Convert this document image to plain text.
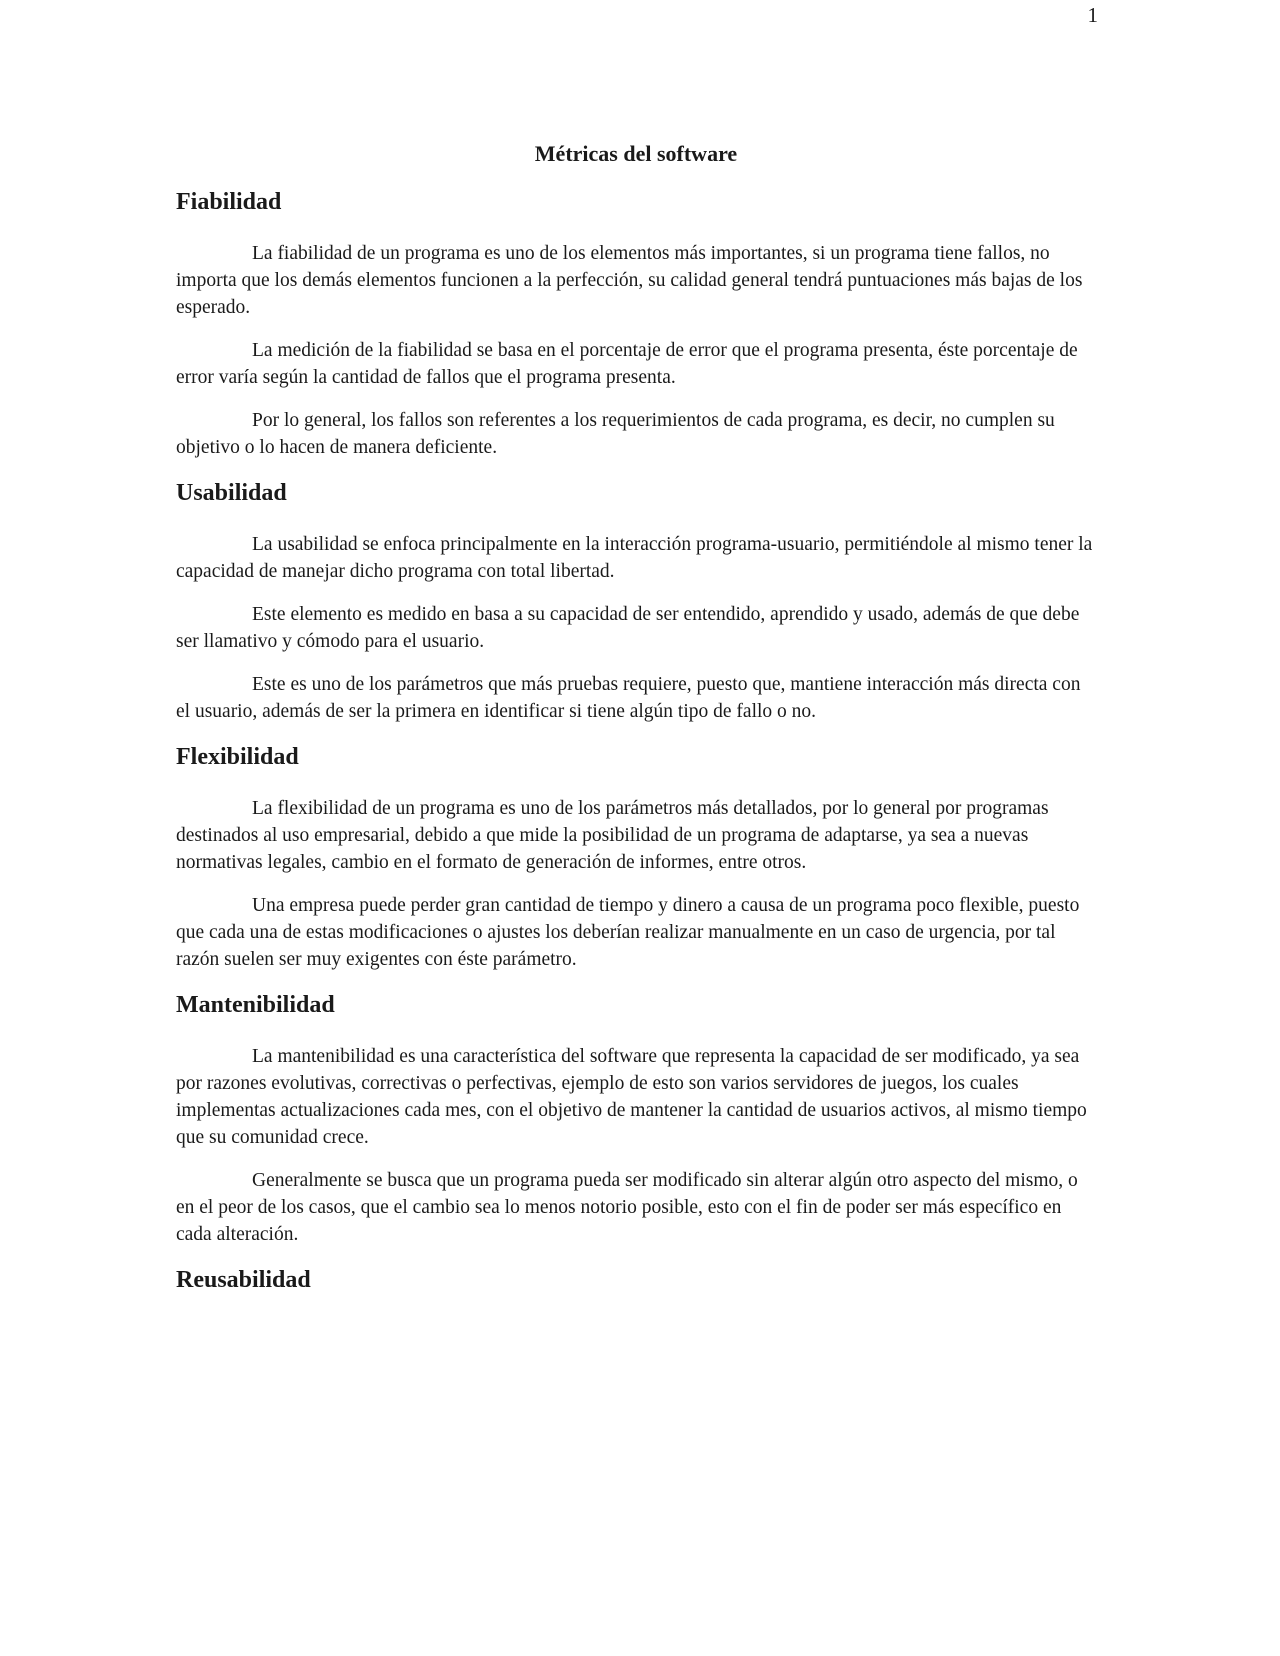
1
Métricas del software
Fiabilidad

La fiabilidad de un programa es uno de los elementos más importantes, si un programa tiene fallos, no importa que los demás elementos funcionen a la perfección, su calidad general tendrá puntuaciones más bajas de los esperado.

La medición de la fiabilidad se basa en el porcentaje de error que el programa presenta, éste porcentaje de error varía según la cantidad de fallos que el programa presenta.

Por lo general, los fallos son referentes a los requerimientos de cada programa, es decir, no cumplen su objetivo o lo hacen de manera deficiente.

Usabilidad

La usabilidad se enfoca principalmente en la interacción programa-usuario, permitiéndole al mismo tener la capacidad de manejar dicho programa con total libertad.

Este elemento es medido en basa a su capacidad de ser entendido, aprendido y usado, además de que debe ser llamativo y cómodo para el usuario.

Este es uno de los parámetros que más pruebas requiere, puesto que, mantiene interacción más directa con el usuario, además de ser la primera en identificar si tiene algún tipo de fallo o no.

Flexibilidad

La flexibilidad de un programa es uno de los parámetros más detallados, por lo general por programas destinados al uso empresarial, debido a que mide la posibilidad de un programa de adaptarse, ya sea a nuevas normativas legales, cambio en el formato de generación de informes, entre otros.

Una empresa puede perder gran cantidad de tiempo y dinero a causa de un programa poco flexible, puesto que cada una de estas modificaciones o ajustes los deberían realizar manualmente en un caso de urgencia, por tal razón suelen ser muy exigentes con éste parámetro.

Mantenibilidad

La mantenibilidad es una característica del software que representa la capacidad de ser modificado, ya sea por razones evolutivas, correctivas o perfectivas, ejemplo de esto son varios servidores de juegos, los cuales implementas actualizaciones cada mes, con el objetivo de mantener la cantidad de usuarios activos, al mismo tiempo que su comunidad crece.

Generalmente se busca que un programa pueda ser modificado sin alterar algún otro aspecto del mismo, o en el peor de los casos, que el cambio sea lo menos notorio posible, esto con el fin de poder ser más específico en cada alteración.

Reusabilidad
